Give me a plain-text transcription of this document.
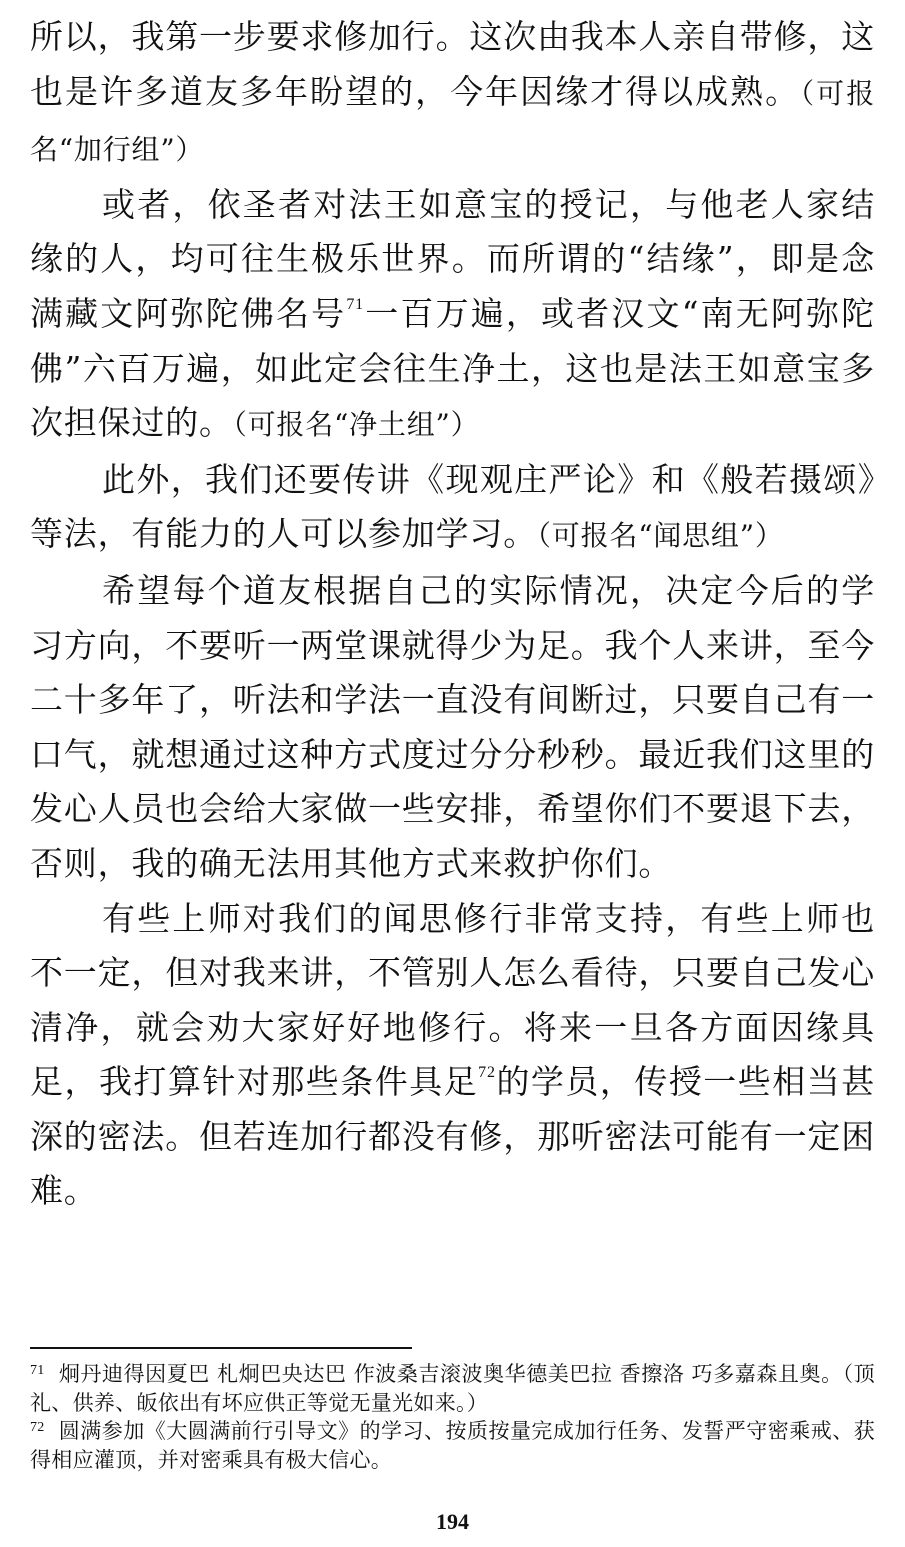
所以，我第一步要求修加行。这次由我本人亲自带修，这也是许多道友多年盼望的，今年因缘才得以成熟。（可报名“加行组”）

或者，依圣者对法王如意宝的授记，与他老人家结缘的人，均可往生极乐世界。而所谓的“结缘”，即是念满藏文阿弥陀佛名号$^{71}$一百万遍，或者汉文“南无阿弥陀佛”六百万遍，如此定会往生净土，这也是法王如意宝多次担保过的。（可报名“净土组”）

此外，我们还要传讲《现观庄严论》和《般若摄颂》等法，有能力的人可以参加学习。（可报名“闻思组”）

希望每个道友根据自己的实际情况，决定今后的学习方向，不要听一两堂课就得少为足。我个人来讲，至今二十多年了，听法和学法一直没有间断过，只要自己有一口气，就想通过这种方式度过分分秒秒。最近我们这里的发心人员也会给大家做一些安排，希望你们不要退下去，否则，我的确无法用其他方式来救护你们。

有些上师对我们的闻思修行非常支持，有些上师也不一定，但对我来讲，不管别人怎么看待，只要自己发心清净，就会劝大家好好地修行。将来一旦各方面因缘具足，我打算针对那些条件具足$^{72}$的学员，传授一些相当甚深的密法。但若连加行都没有修，那听密法可能有一定困难。

$^{71}$ 炯丹迪得因夏巴 札炯巴央达巴 作波桑吉滚波奥华德美巴拉 香擦洛 巧多嘉森且奥。（顶礼、供养、皈依出有坏应供正等觉无量光如来。）

$^{72}$ 圆满参加《大圆满前行引导文》的学习、按质按量完成加行任务、发誓严守密乘戒、获得相应灌顶，并对密乘具有极大信心。

194
